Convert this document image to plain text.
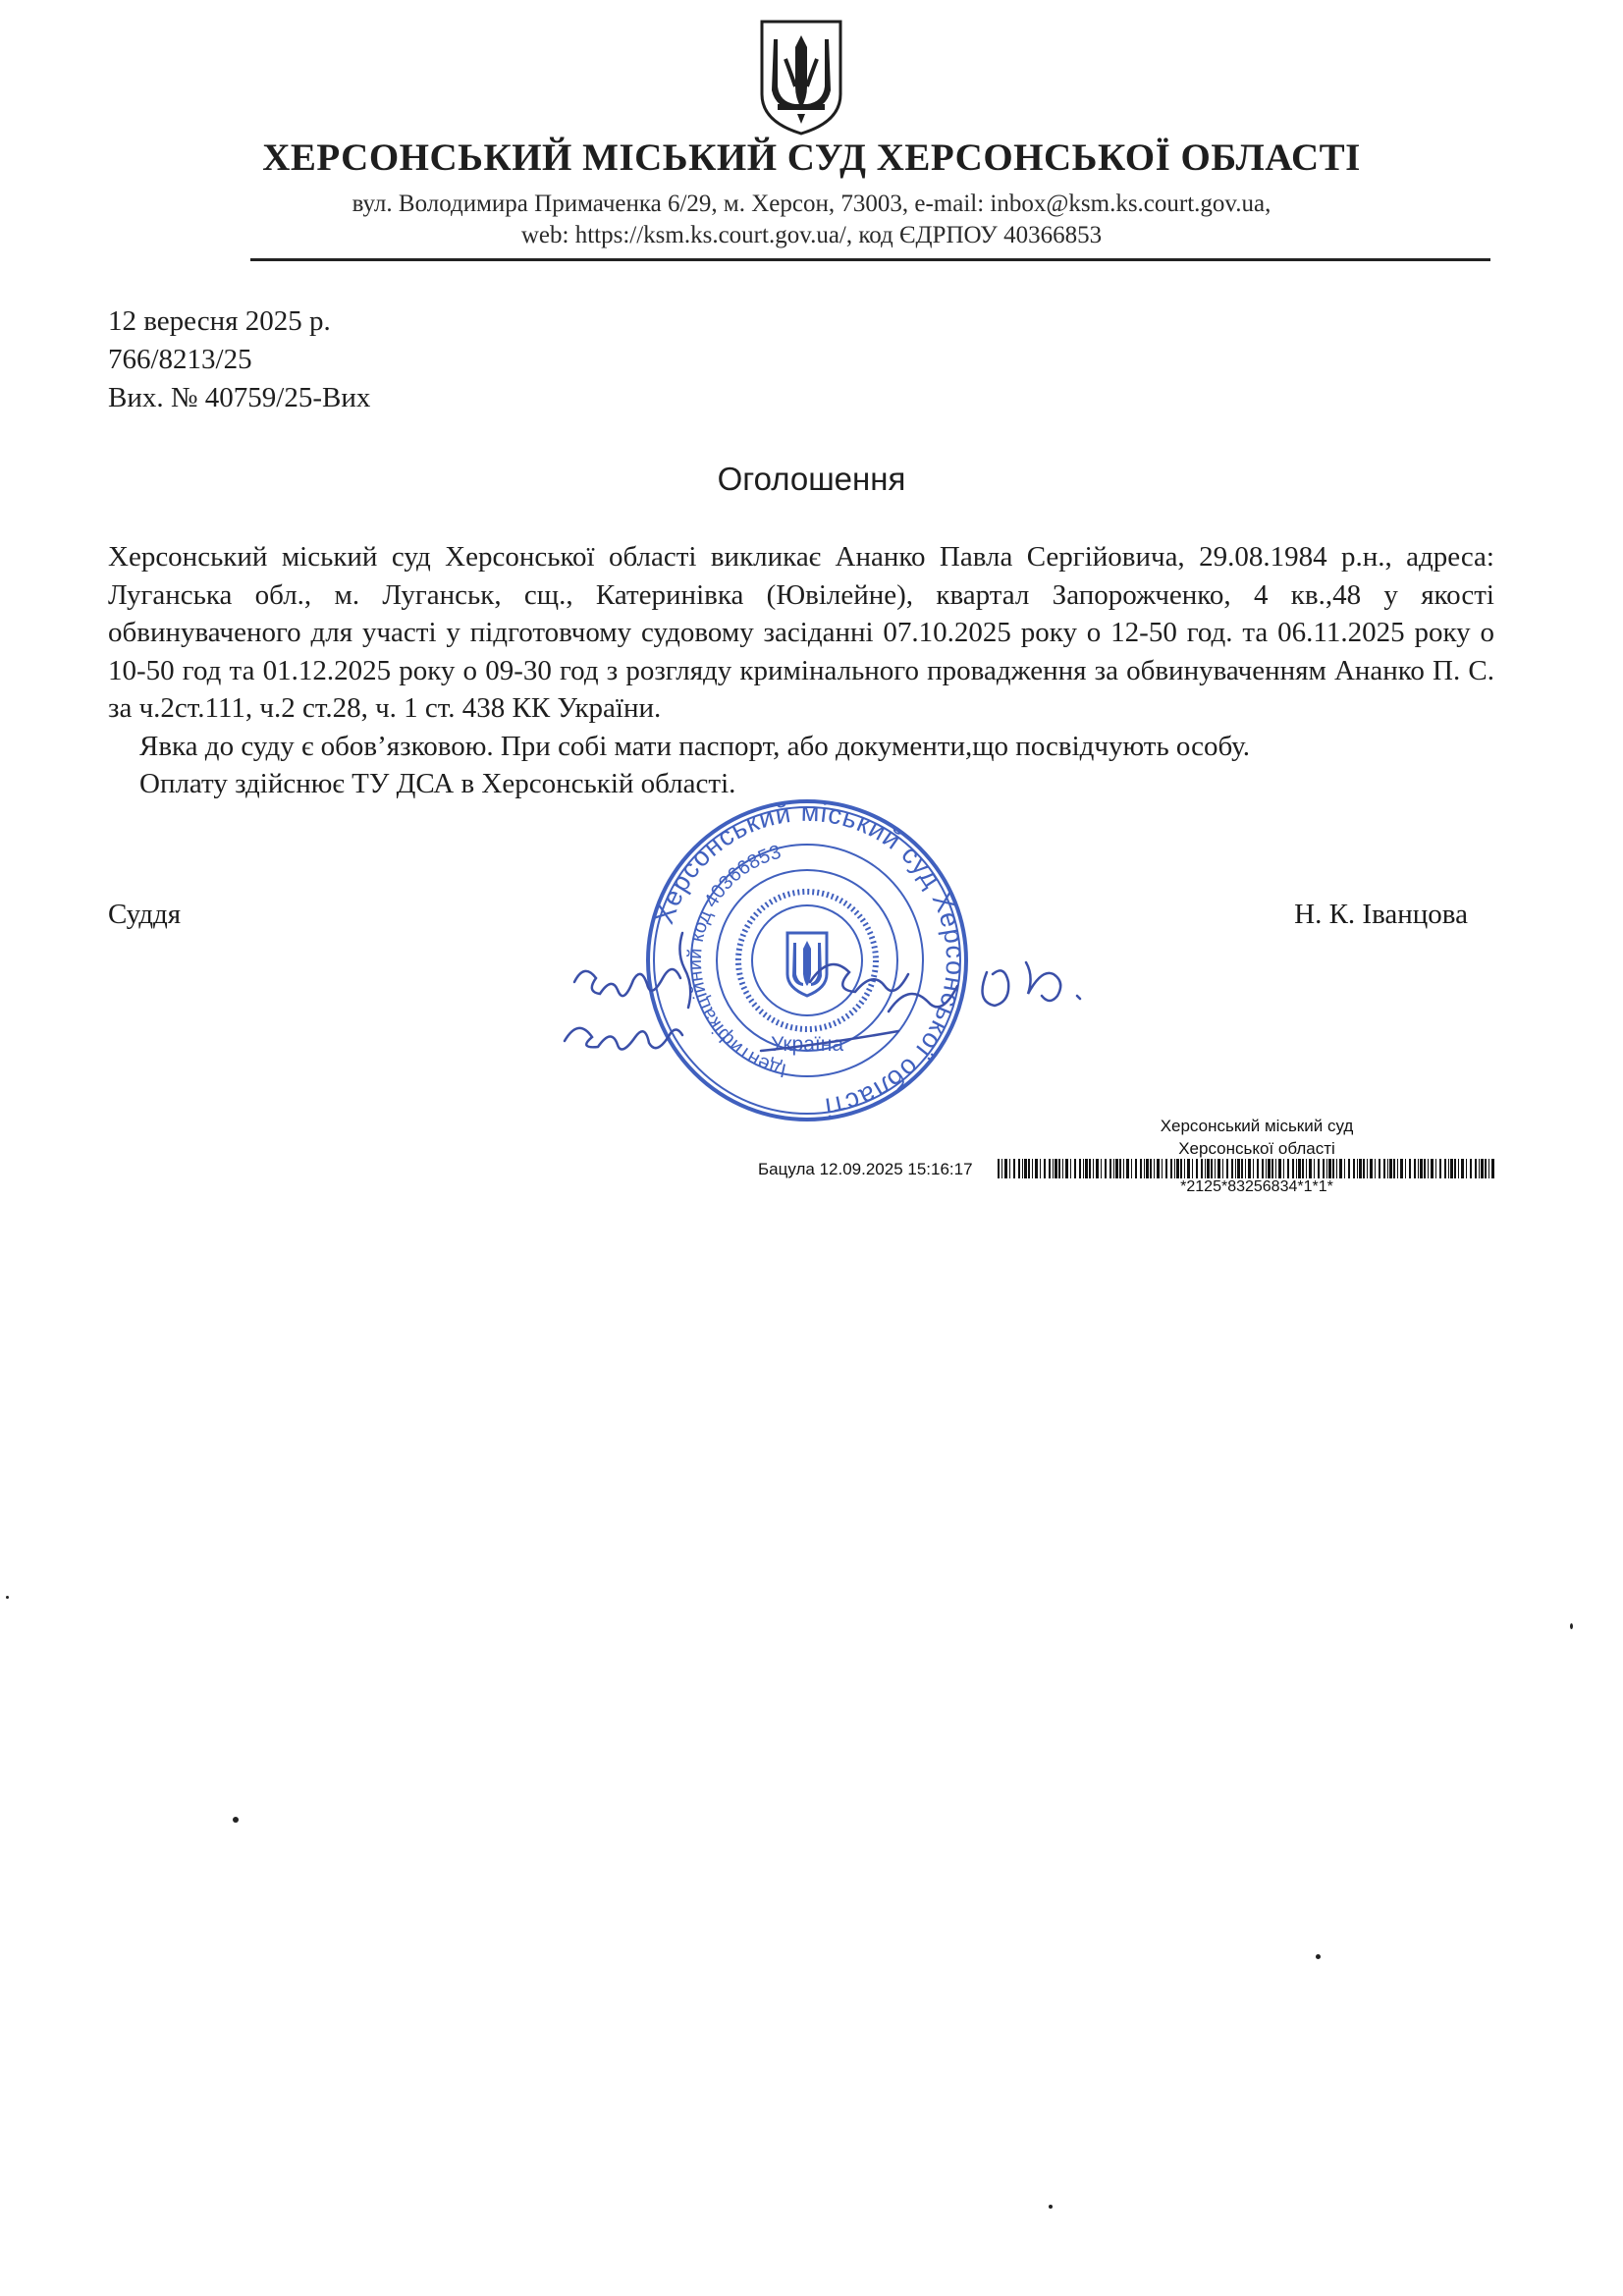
ХЕРСОНСЬКИЙ МІСЬКИЙ СУД ХЕРСОНСЬКОЇ ОБЛАСТІ
вул. Володимира Примаченка 6/29, м. Херсон, 73003, e-mail: inbox@ksm.ks.court.gov.ua,
web: https://ksm.ks.court.gov.ua/, код ЄДРПОУ 40366853
12 вересня 2025 р.
766/8213/25
Вих. № 40759/25-Вих
Оголошення

Херсонський міський суд Херсонської області викликає Ананко Павла Сергійовича, 29.08.1984 р.н., адреса: Луганська обл., м. Луганськ, сщ., Катеринівка (Ювілейне), квартал Запорожченко, 4 кв.,48 у якості обвинуваченого для участі у підготовчому судовому засіданні 07.10.2025 року о 12-50 год. та 06.11.2025 року о 10-50 год та 01.12.2025 року о 09-30 год з розгляду кримінального провадження за обвинуваченням Ананко П. С. за ч.2ст.111, ч.2 ст.28, ч. 1 ст. 438 КК України.

Явка до суду є обов’язковою. При собі мати паспорт, або документи,що посвідчують особу.

Оплату здійснює ТУ ДСА в Херсонській області.

Суддя	Н. К. Іванцова
Херсонський міський суд Херсонської області
Ідентифікаційний код 40366853
Україна
Херсонський міський суд
Херсонської області
Бацула 12.09.2025 15:16:17
*2125*83256834*1*1*
